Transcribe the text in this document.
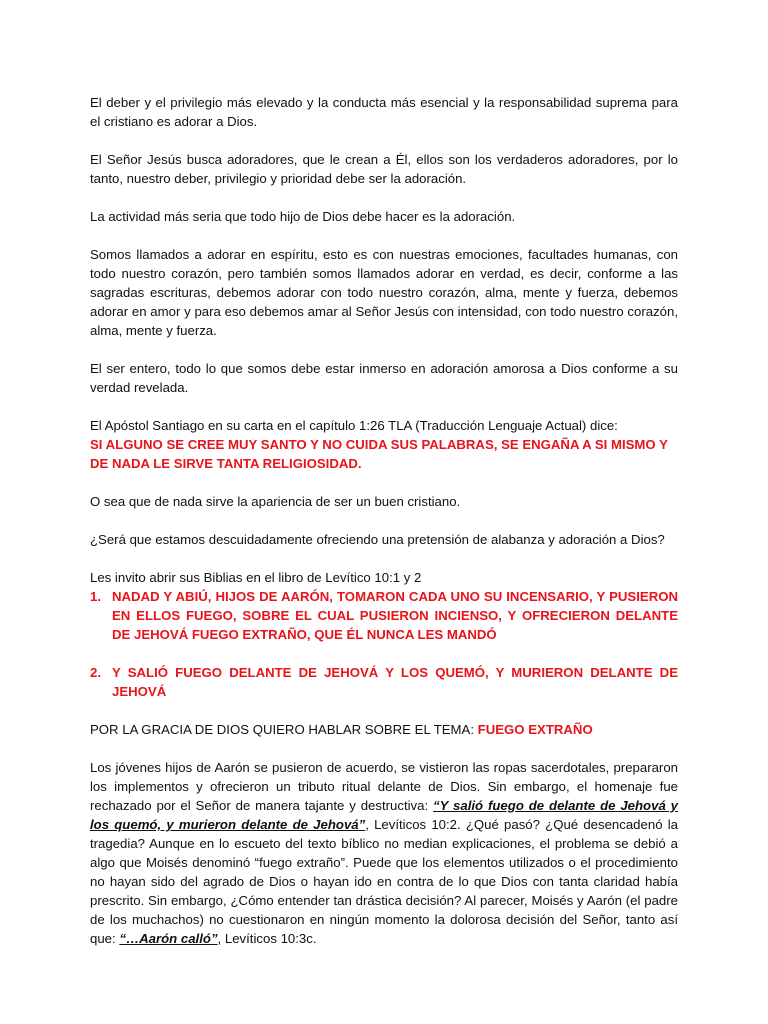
El deber y el privilegio más elevado y la conducta más esencial y la responsabilidad suprema para el cristiano es adorar a Dios.

El Señor Jesús busca adoradores, que le crean a Él, ellos son los verdaderos adoradores, por lo tanto, nuestro deber, privilegio y prioridad debe ser la adoración.

La actividad más seria que todo hijo de Dios debe hacer es la adoración.

Somos llamados a adorar en espíritu, esto es con nuestras emociones, facultades humanas, con todo nuestro corazón, pero también somos llamados adorar en verdad, es decir, conforme a las sagradas escrituras, debemos adorar con todo nuestro corazón, alma, mente y fuerza, debemos adorar en amor y para eso debemos amar al Señor Jesús con intensidad, con todo nuestro corazón, alma, mente y fuerza.

El ser entero, todo lo que somos debe estar inmerso en adoración amorosa a Dios conforme a su verdad revelada.

El Apóstol Santiago en su carta en el capítulo 1:26 TLA (Traducción Lenguaje Actual) dice:

SI ALGUNO SE CREE MUY SANTO Y NO CUIDA SUS PALABRAS, SE ENGAÑA A SI MISMO Y DE NADA LE SIRVE TANTA RELIGIOSIDAD.

O sea que de nada sirve la apariencia de ser un buen cristiano.

¿Será que estamos descuidadamente ofreciendo una pretensión de alabanza y adoración a Dios?

Les invito abrir sus Biblias en el libro de Levítico 10:1 y 2

1. NADAD Y ABIÚ, HIJOS DE AARÓN, TOMARON CADA UNO SU INCENSARIO, Y PUSIERON EN ELLOS FUEGO, SOBRE EL CUAL PUSIERON INCIENSO, Y OFRECIERON DELANTE DE JEHOVÁ FUEGO EXTRAÑO, QUE ÉL NUNCA LES MANDÓ
2. Y SALIÓ FUEGO DELANTE DE JEHOVÁ Y LOS QUEMÓ, Y MURIERON DELANTE DE JEHOVÁ

POR LA GRACIA DE DIOS QUIERO HABLAR SOBRE EL TEMA: FUEGO EXTRAÑO

Los jóvenes hijos de Aarón se pusieron de acuerdo, se vistieron las ropas sacerdotales, prepararon los implementos y ofrecieron un tributo ritual delante de Dios. Sin embargo, el homenaje fue rechazado por el Señor de manera tajante y destructiva: “Y salió fuego de delante de Jehová y los quemó, y murieron delante de Jehová”, Levíticos 10:2. ¿Qué pasó? ¿Qué desencadenó la tragedia? Aunque en lo escueto del texto bíblico no median explicaciones, el problema se debió a algo que Moisés denominó “fuego extraño”. Puede que los elementos utilizados o el procedimiento no hayan sido del agrado de Dios o hayan ido en contra de lo que Dios con tanta claridad había prescrito. Sin embargo, ¿Cómo entender tan drástica decisión? Al parecer, Moisés y Aarón (el padre de los muchachos) no cuestionaron en ningún momento la dolorosa decisión del Señor, tanto así que: “…Aarón calló”, Levíticos 10:3c.
